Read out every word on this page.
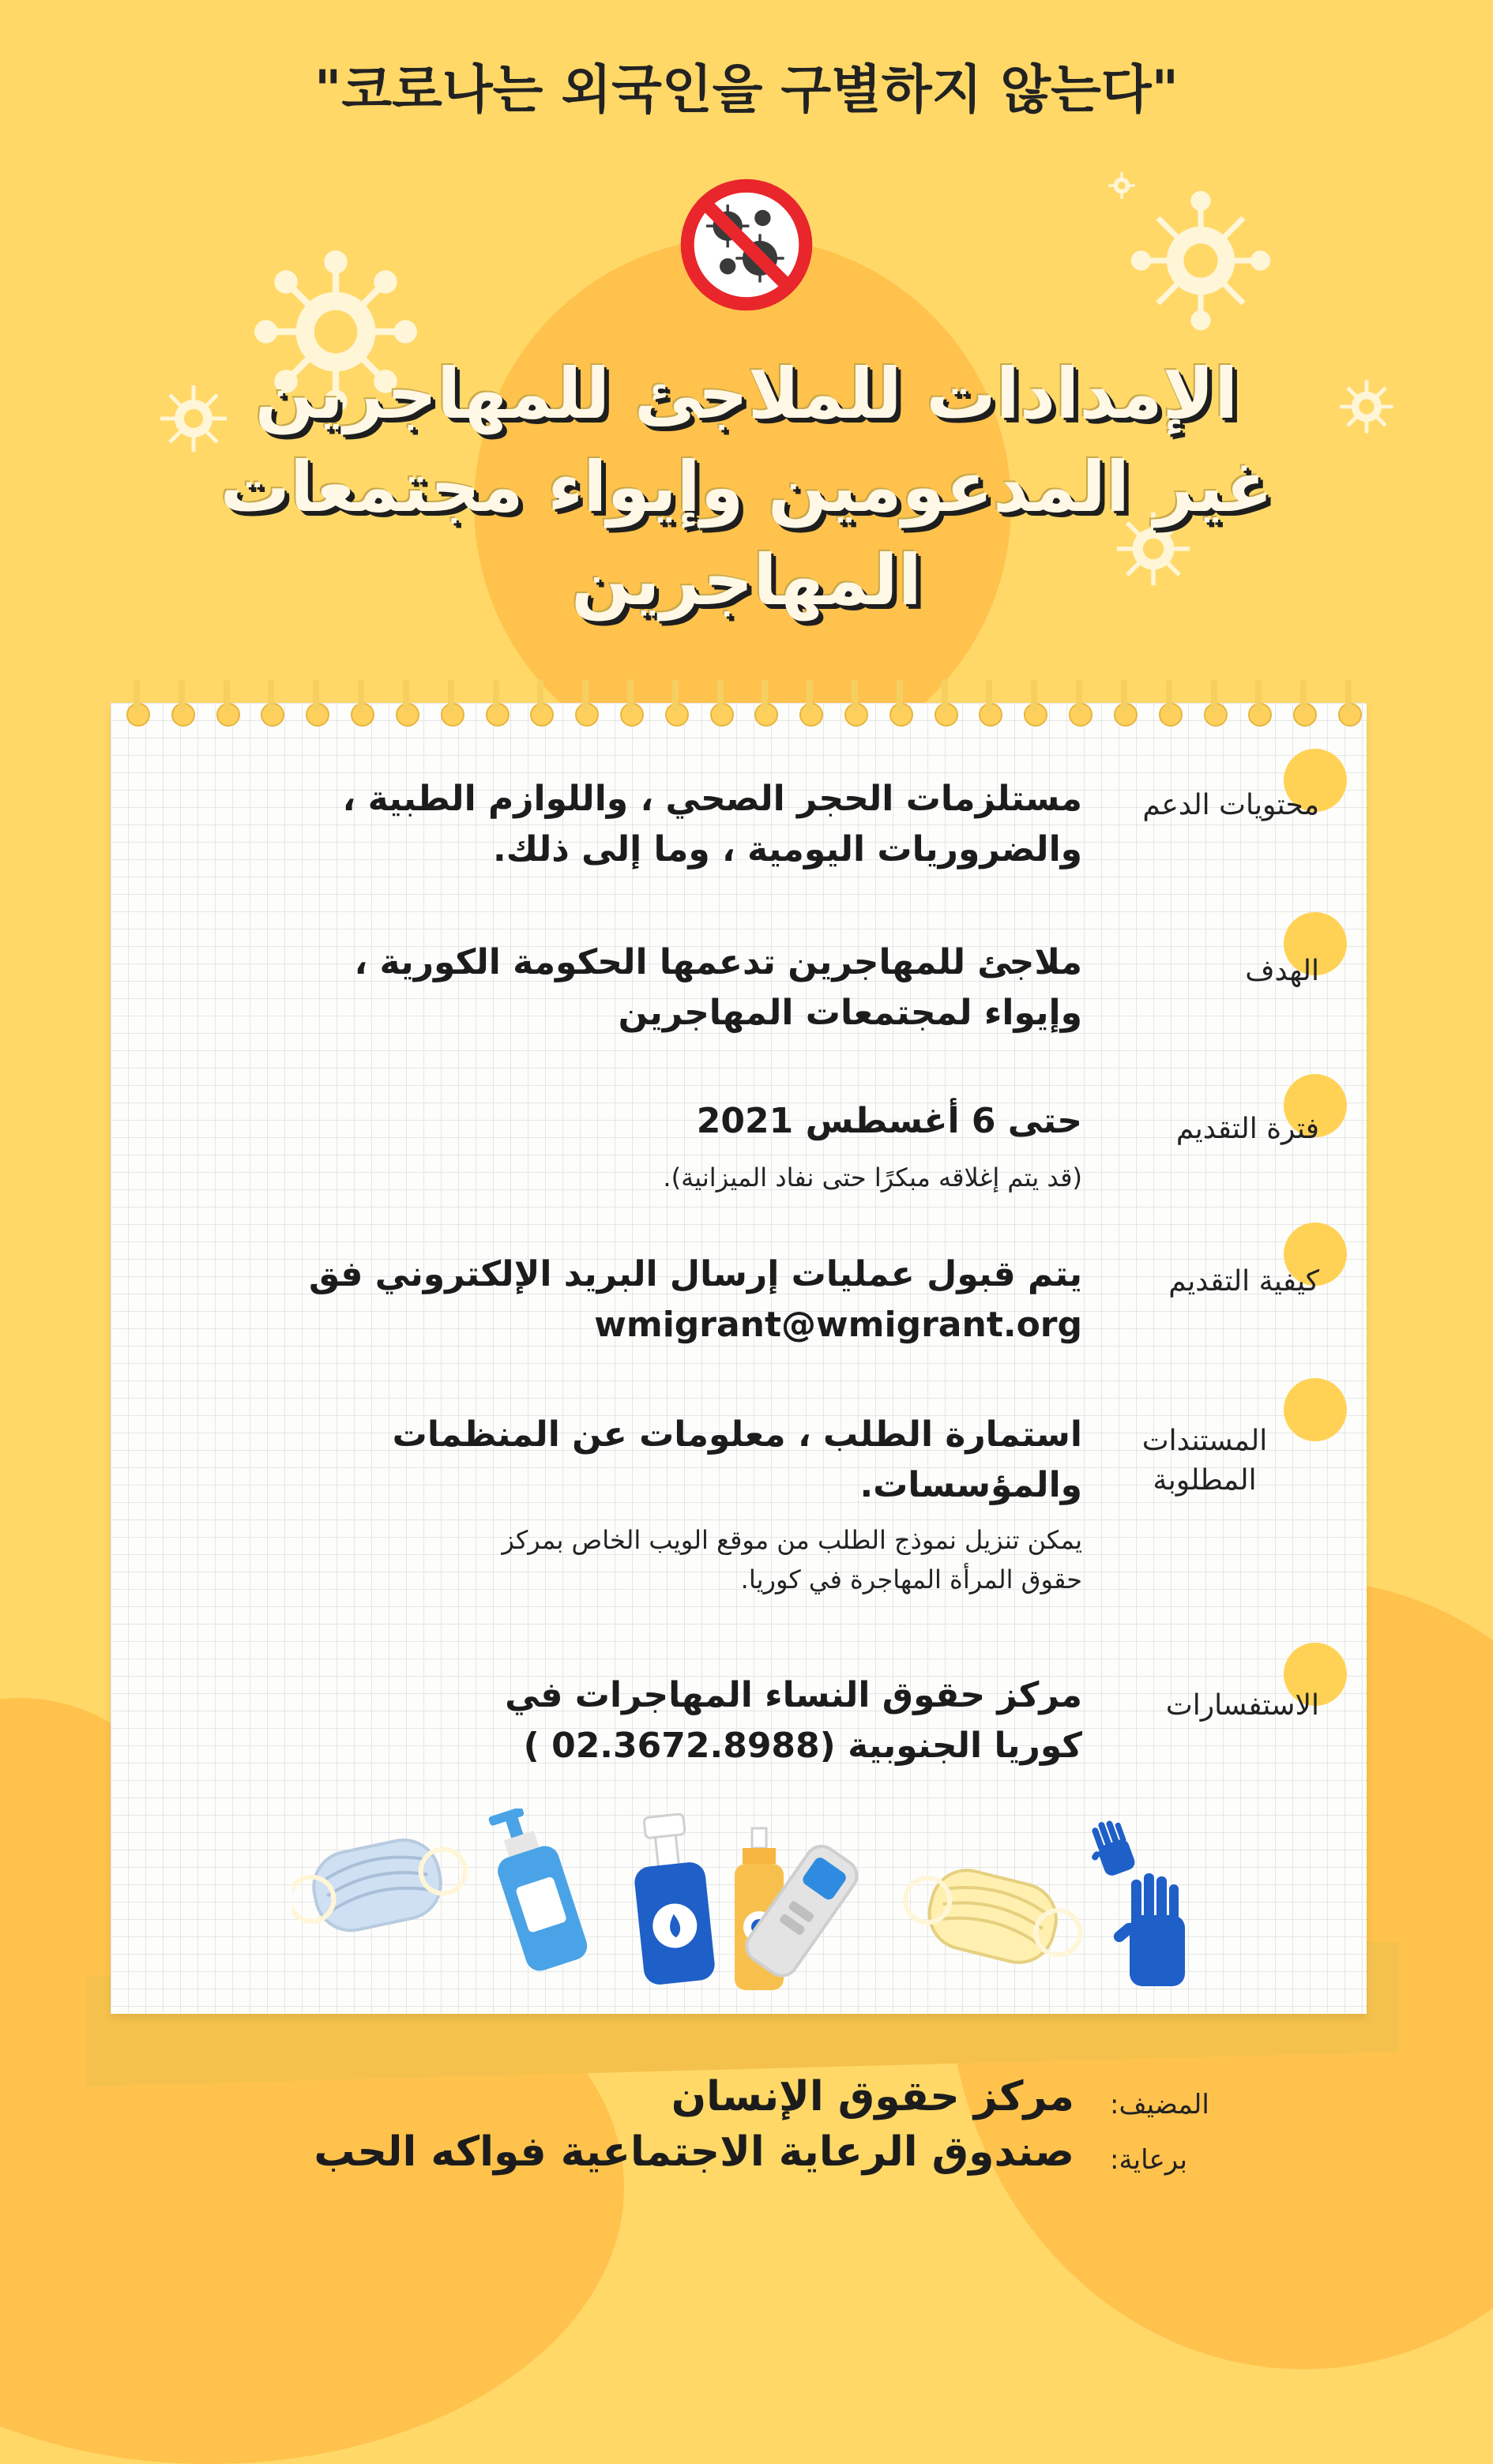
"코로나는 외국인을 구별하지 않는다"
الإمدادات للملاجئ للمهاجرين
غير المدعومين وإيواء مجتمعات
المهاجرين
محتويات الدعم
مستلزمات الحجر الصحي ، واللوازم الطبية ،
والضروريات اليومية ، وما إلى ذلك.
الهدف
ملاجئ للمهاجرين تدعمها الحكومة الكورية ،
وإيواء لمجتمعات المهاجرين
فترة التقديم
حتى 6 أغسطس 2021
(قد يتم إغلاقه مبكرًا حتى نفاد الميزانية).
كيفية التقديم
يتم قبول عمليات إرسال البريد الإلكتروني فق
wmigrant@wmigrant.org
المستندات
المطلوبة
استمارة الطلب ، معلومات عن المنظمات
والمؤسسات.
يمكن تنزيل نموذج الطلب من موقع الويب الخاص بمركز
حقوق المرأة المهاجرة في كوريا.
الاستفسارات
مركز حقوق النساء المهاجرات في
كوريا الجنوبية (02.3672.8988 )
المضيف:
مركز حقوق الإنسان
برعاية:
صندوق الرعاية الاجتماعية فواكه الحب
